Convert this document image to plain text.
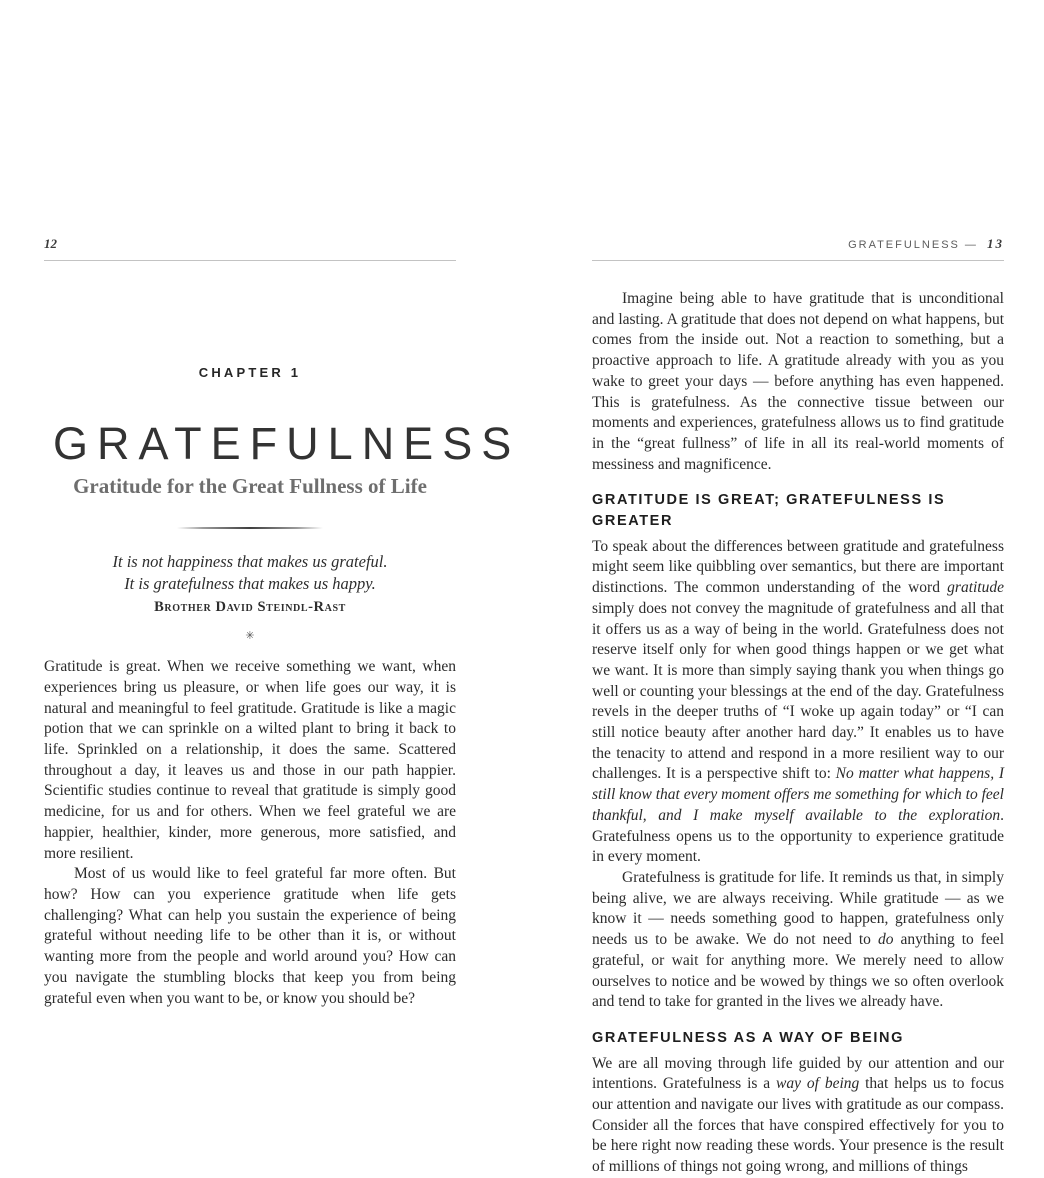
12
CHAPTER 1
GRATEFULNESS
Gratitude for the Great Fullness of Life
It is not happiness that makes us grateful.
It is gratefulness that makes us happy.
Brother David Steindl-Rast
✳

Gratitude is great. When we receive something we want, when experiences bring us pleasure, or when life goes our way, it is natural and meaningful to feel gratitude. Gratitude is like a magic potion that we can sprinkle on a wilted plant to bring it back to life. Sprinkled on a relationship, it does the same. Scattered throughout a day, it leaves us and those in our path happier. Scientific studies continue to reveal that gratitude is simply good medicine, for us and for others. When we feel grateful we are happier, healthier, kinder, more generous, more satisfied, and more resilient.

Most of us would like to feel grateful far more often. But how? How can you experience gratitude when life gets challenging? What can help you sustain the experience of being grateful without needing life to be other than it is, or without wanting more from the people and world around you? How can you navigate the stumbling blocks that keep you from being grateful even when you want to be, or know you should be?

GRATEFULNESS — 13

Imagine being able to have gratitude that is unconditional and lasting. A gratitude that does not depend on what happens, but comes from the inside out. Not a reaction to something, but a proactive approach to life. A gratitude already with you as you wake to greet your days — before anything has even happened. This is gratefulness. As the connective tissue between our moments and experiences, gratefulness allows us to find gratitude in the “great fullness” of life in all its real-world moments of messiness and magnificence.

GRATITUDE IS GREAT; GRATEFULNESS IS GREATER

To speak about the differences between gratitude and gratefulness might seem like quibbling over semantics, but there are important distinctions. The common understanding of the word gratitude simply does not convey the magnitude of gratefulness and all that it offers us as a way of being in the world. Gratefulness does not reserve itself only for when good things happen or we get what we want. It is more than simply saying thank you when things go well or counting your blessings at the end of the day. Gratefulness revels in the deeper truths of “I woke up again today” or “I can still notice beauty after another hard day.” It enables us to have the tenacity to attend and respond in a more resilient way to our challenges. It is a perspective shift to: No matter what happens, I still know that every moment offers me something for which to feel thankful, and I make myself available to the exploration. Gratefulness opens us to the opportunity to experience gratitude in every moment.

Gratefulness is gratitude for life. It reminds us that, in simply being alive, we are always receiving. While gratitude — as we know it — needs something good to happen, gratefulness only needs us to be awake. We do not need to do anything to feel grateful, or wait for anything more. We merely need to allow ourselves to notice and be wowed by things we so often overlook and tend to take for granted in the lives we already have.

GRATEFULNESS AS A WAY OF BEING

We are all moving through life guided by our attention and our intentions. Gratefulness is a way of being that helps us to focus our attention and navigate our lives with gratitude as our compass. Consider all the forces that have conspired effectively for you to be here right now reading these words. Your presence is the result of millions of things not going wrong, and millions of things
